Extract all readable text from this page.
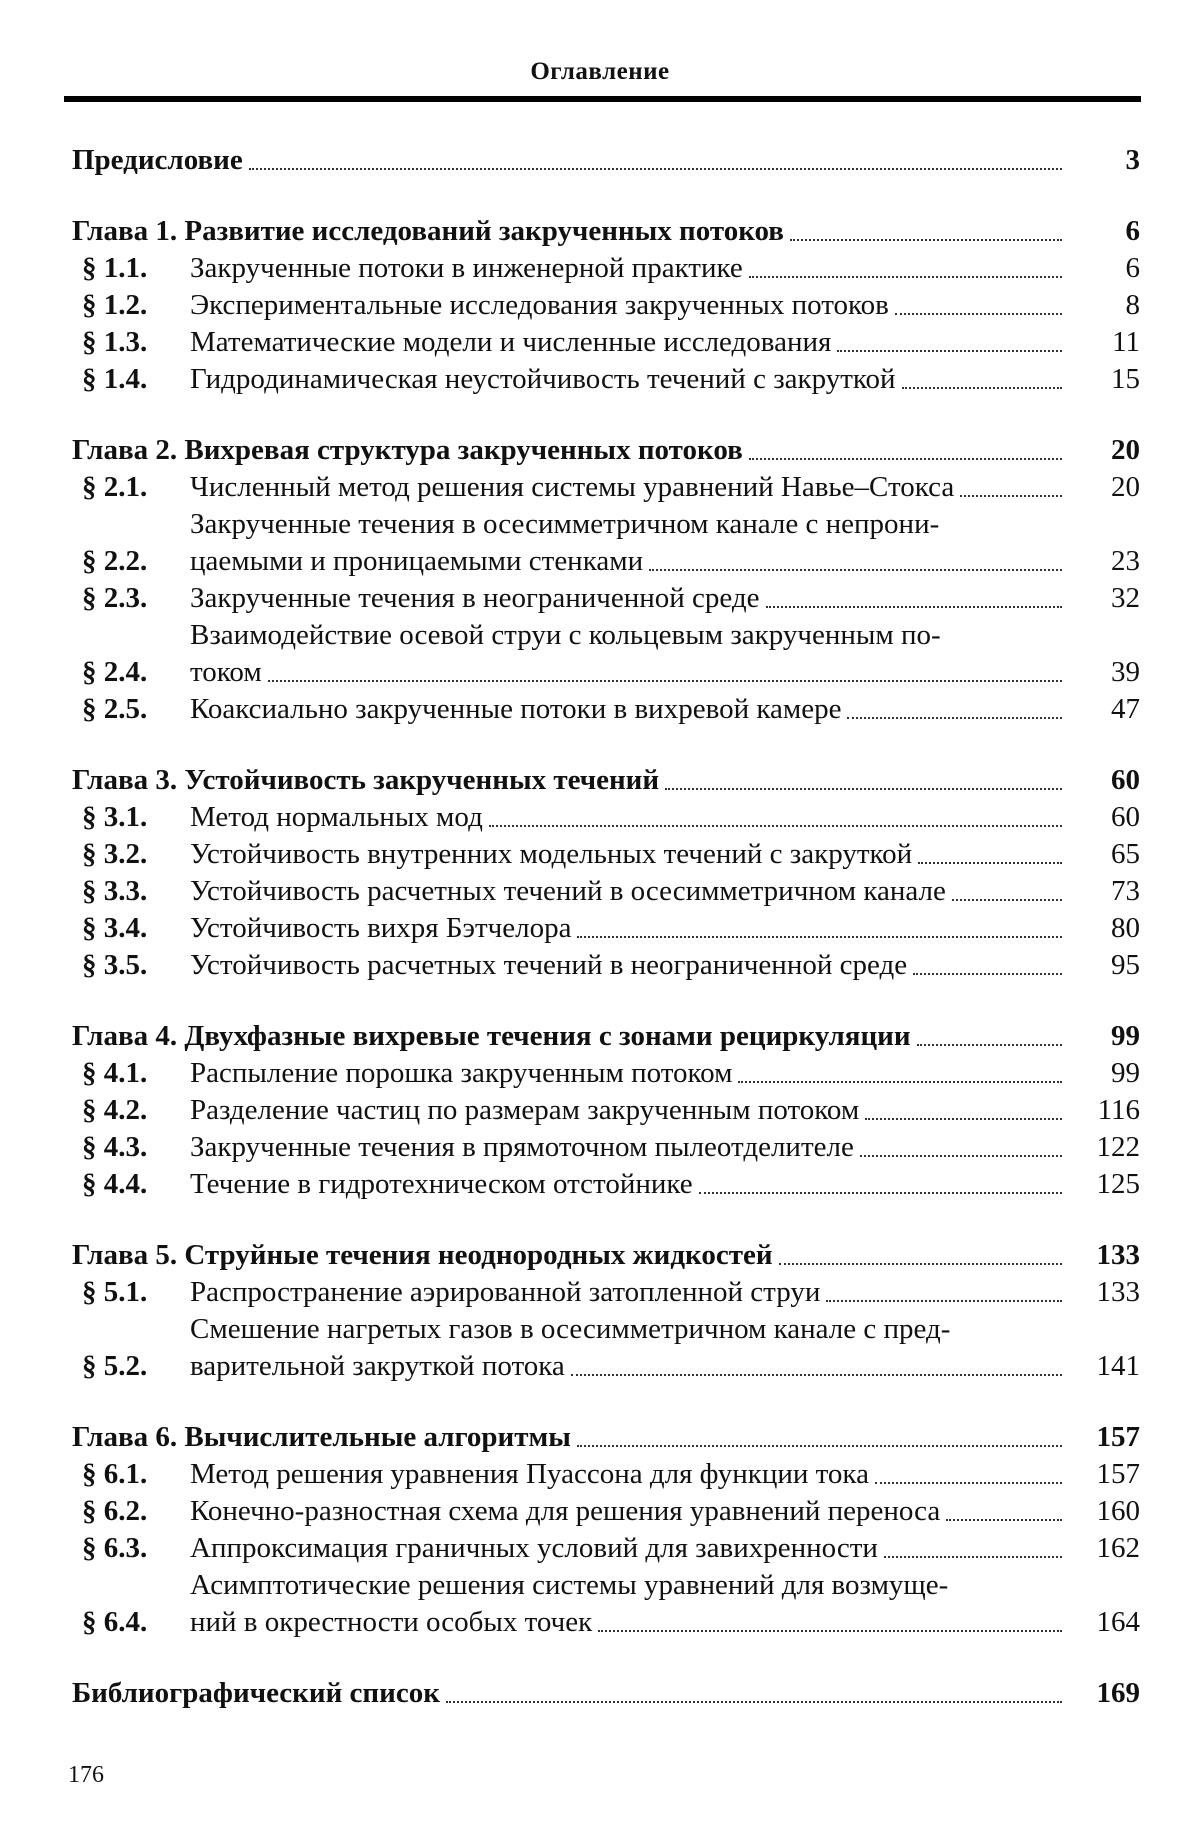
Оглавление
Предисловие	3
Глава 1. Развитие исследований закрученных потоков	6
§ 1.1.	Закрученные потоки в инженерной практике	6
§ 1.2.	Экспериментальные исследования закрученных потоков	8
§ 1.3.	Математические модели и численные исследования	11
§ 1.4.	Гидродинамическая неустойчивость течений с закруткой	15
Глава 2. Вихревая структура закрученных потоков	20
§ 2.1.	Численный метод решения системы уравнений Навье–Стокса	20
§ 2.2.
Закрученные течения в осесимметричном канале с непрони-
цаемыми и проницаемыми стенками	23
§ 2.3.	Закрученные течения в неограниченной среде	32
§ 2.4.
Взаимодействие осевой струи с кольцевым закрученным по-
током	39
§ 2.5.	Коаксиально закрученные потоки в вихревой камере	47
Глава 3. Устойчивость закрученных течений	60
§ 3.1.	Метод нормальных мод	60
§ 3.2.	Устойчивость внутренних модельных течений с закруткой	65
§ 3.3.	Устойчивость расчетных течений в осесимметричном канале	73
§ 3.4.	Устойчивость вихря Бэтчелора	80
§ 3.5.	Устойчивость расчетных течений в неограниченной среде	95
Глава 4. Двухфазные вихревые течения с зонами рециркуляции	99
§ 4.1.	Распыление порошка закрученным потоком	99
§ 4.2.	Разделение частиц по размерам закрученным потоком	116
§ 4.3.	Закрученные течения в прямоточном пылеотделителе	122
§ 4.4.	Течение в гидротехническом отстойнике	125
Глава 5. Струйные течения неоднородных жидкостей	133
§ 5.1.	Распространение аэрированной затопленной струи	133
§ 5.2.
Смешение нагретых газов в осесимметричном канале с пред-
варительной закруткой потока	141
Глава 6. Вычислительные алгоритмы	157
§ 6.1.	Метод решения уравнения Пуассона для функции тока	157
§ 6.2.	Конечно-разностная схема для решения уравнений переноса	160
§ 6.3.	Аппроксимация граничных условий для завихренности	162
§ 6.4.
Асимптотические решения системы уравнений для возмуще-
ний в окрестности особых точек	164
Библиографический список	169
176
